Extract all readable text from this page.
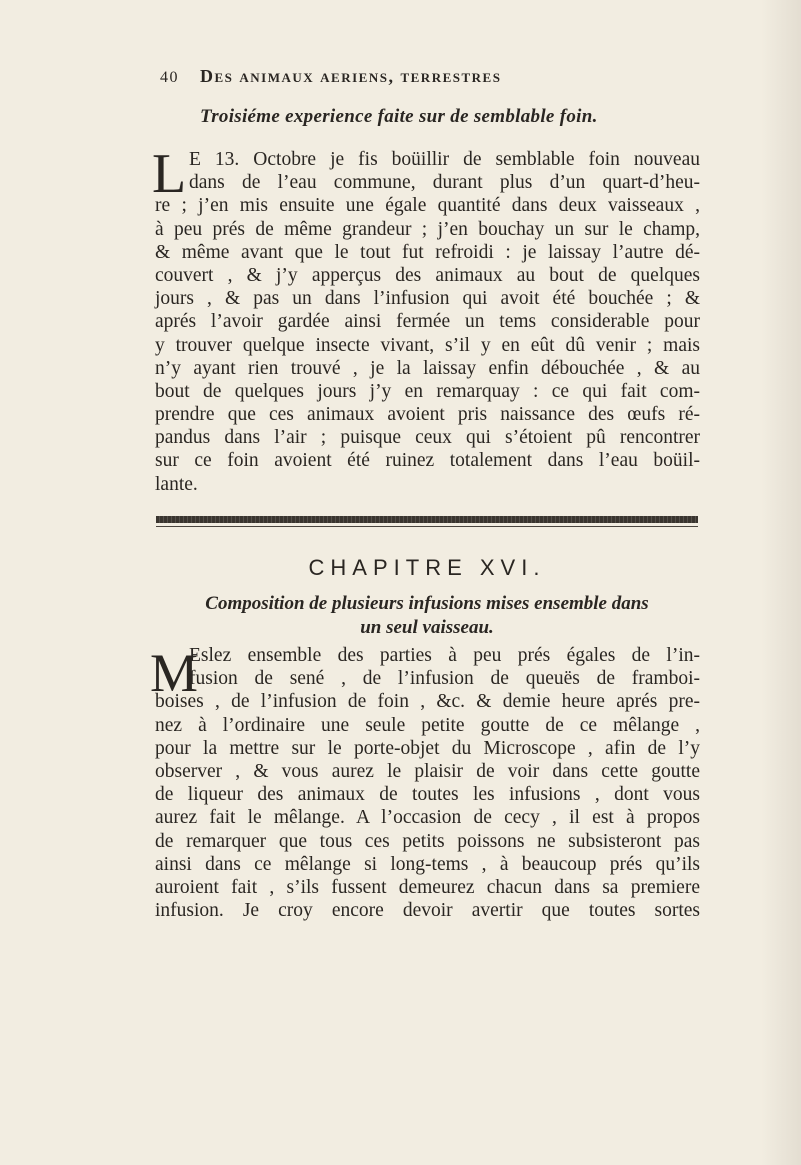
40 Des animaux aeriens, terrestres
Troisiéme experience faite sur de semblable foin.
L E 13. Octobre je fis boüillir de semblable foin nouveau
dans de l’eau commune, durant plus d’un quart-d’heu-
re ; j’en mis ensuite une égale quantité dans deux vaisseaux ,
à peu prés de même grandeur ; j’en bouchay un sur le champ,
& même avant que le tout fut refroidi : je laissay l’autre dé-
couvert , & j’y apperçus des animaux au bout de quelques
jours , & pas un dans l’infusion qui avoit été bouchée ; &
aprés l’avoir gardée ainsi fermée un tems considerable pour
y trouver quelque insecte vivant, s’il y en eût dû venir ; mais
n’y ayant rien trouvé , je la laissay enfin débouchée , & au
bout de quelques jours j’y en remarquay : ce qui fait com-
prendre que ces animaux avoient pris naissance des œufs ré-
pandus dans l’air ; puisque ceux qui s’étoient pû rencontrer
sur ce foin avoient été ruinez totalement dans l’eau boüil-
lante.
CHAPITRE XVI.
Composition de plusieurs infusions mises ensemble dans
un seul vaisseau.
M
Eslez ensemble des parties à peu prés égales de l’in-
fusion de sené , de l’infusion de queuës de framboi-
boises , de l’infusion de foin , &c. & demie heure aprés pre-
nez à l’ordinaire une seule petite goutte de ce mêlange ,
pour la mettre sur le porte-objet du Microscope , afin de l’y
observer , & vous aurez le plaisir de voir dans cette goutte
de liqueur des animaux de toutes les infusions , dont vous
aurez fait le mêlange. A l’occasion de cecy , il est à propos
de remarquer que tous ces petits poissons ne subsisteront pas
ainsi dans ce mêlange si long-tems , à beaucoup prés qu’ils
auroient fait , s’ils fussent demeurez chacun dans sa premiere
infusion. Je croy encore devoir avertir que toutes sortes
